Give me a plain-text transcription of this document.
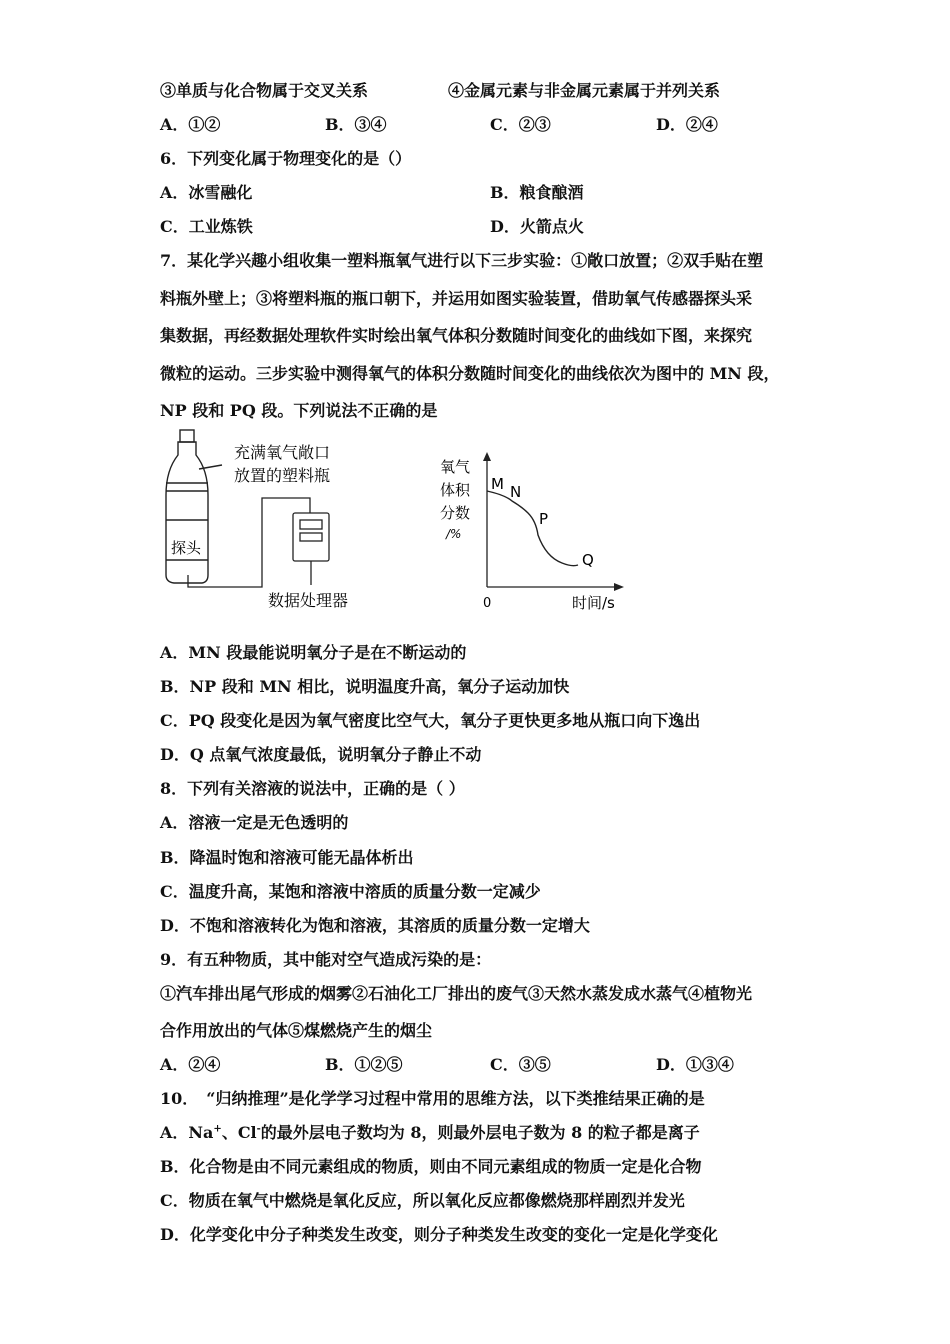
③单质与化合物属于交叉关系	④金属元素与非金属元素属于并列关系
A．①②	B．③④	C．②③	D．②④
6．下列变化属于物理变化的是（）
A．冰雪融化	B．粮食酿酒
C．工业炼铁	D．火箭点火
7．某化学兴趣小组收集一塑料瓶氧气进行以下三步实验：①敞口放置；②双手贴在塑
料瓶外壁上；③将塑料瓶的瓶口朝下，并运用如图实验装置，借助氧气传感器探头采
集数据，再经数据处理软件实时绘出氧气体积分数随时间变化的曲线如下图，来探究
微粒的运动。三步实验中测得氧气的体积分数随时间变化的曲线依次为图中的 MN 段，
NP 段和 PQ 段。下列说法不正确的是
充满氧气敞口
放置的塑料瓶
探头
数据处理器
氧气
体积
分数
/%
0	时间/s
M N
P
Q
A．MN 段最能说明氧分子是在不断运动的
B．NP 段和 MN 相比，说明温度升高，氧分子运动加快
C．PQ 段变化是因为氧气密度比空气大，氧分子更快更多地从瓶口向下逸出
D．Q 点氧气浓度最低，说明氧分子静止不动
8．下列有关溶液的说法中，正确的是（ ）
A．溶液一定是无色透明的
B．降温时饱和溶液可能无晶体析出
C．温度升高，某饱和溶液中溶质的质量分数一定减少
D．不饱和溶液转化为饱和溶液，其溶质的质量分数一定增大
9．有五种物质，其中能对空气造成污染的是：
①汽车排出尾气形成的烟雾②石油化工厂排出的废气③天然水蒸发成水蒸气④植物光
合作用放出的气体⑤煤燃烧产生的烟尘
A．②④	B．①②⑤	C．③⑤	D．①③④
10．　“归纳推理”是化学学习过程中常用的思维方法，以下类推结果正确的是
A．Na+、Cl-的最外层电子数均为 8，则最外层电子数为 8 的粒子都是离子
B．化合物是由不同元素组成的物质，则由不同元素组成的物质一定是化合物
C．物质在氧气中燃烧是氧化反应，所以氧化反应都像燃烧那样剧烈并发光
D．化学变化中分子种类发生改变，则分子种类发生改变的变化一定是化学变化
